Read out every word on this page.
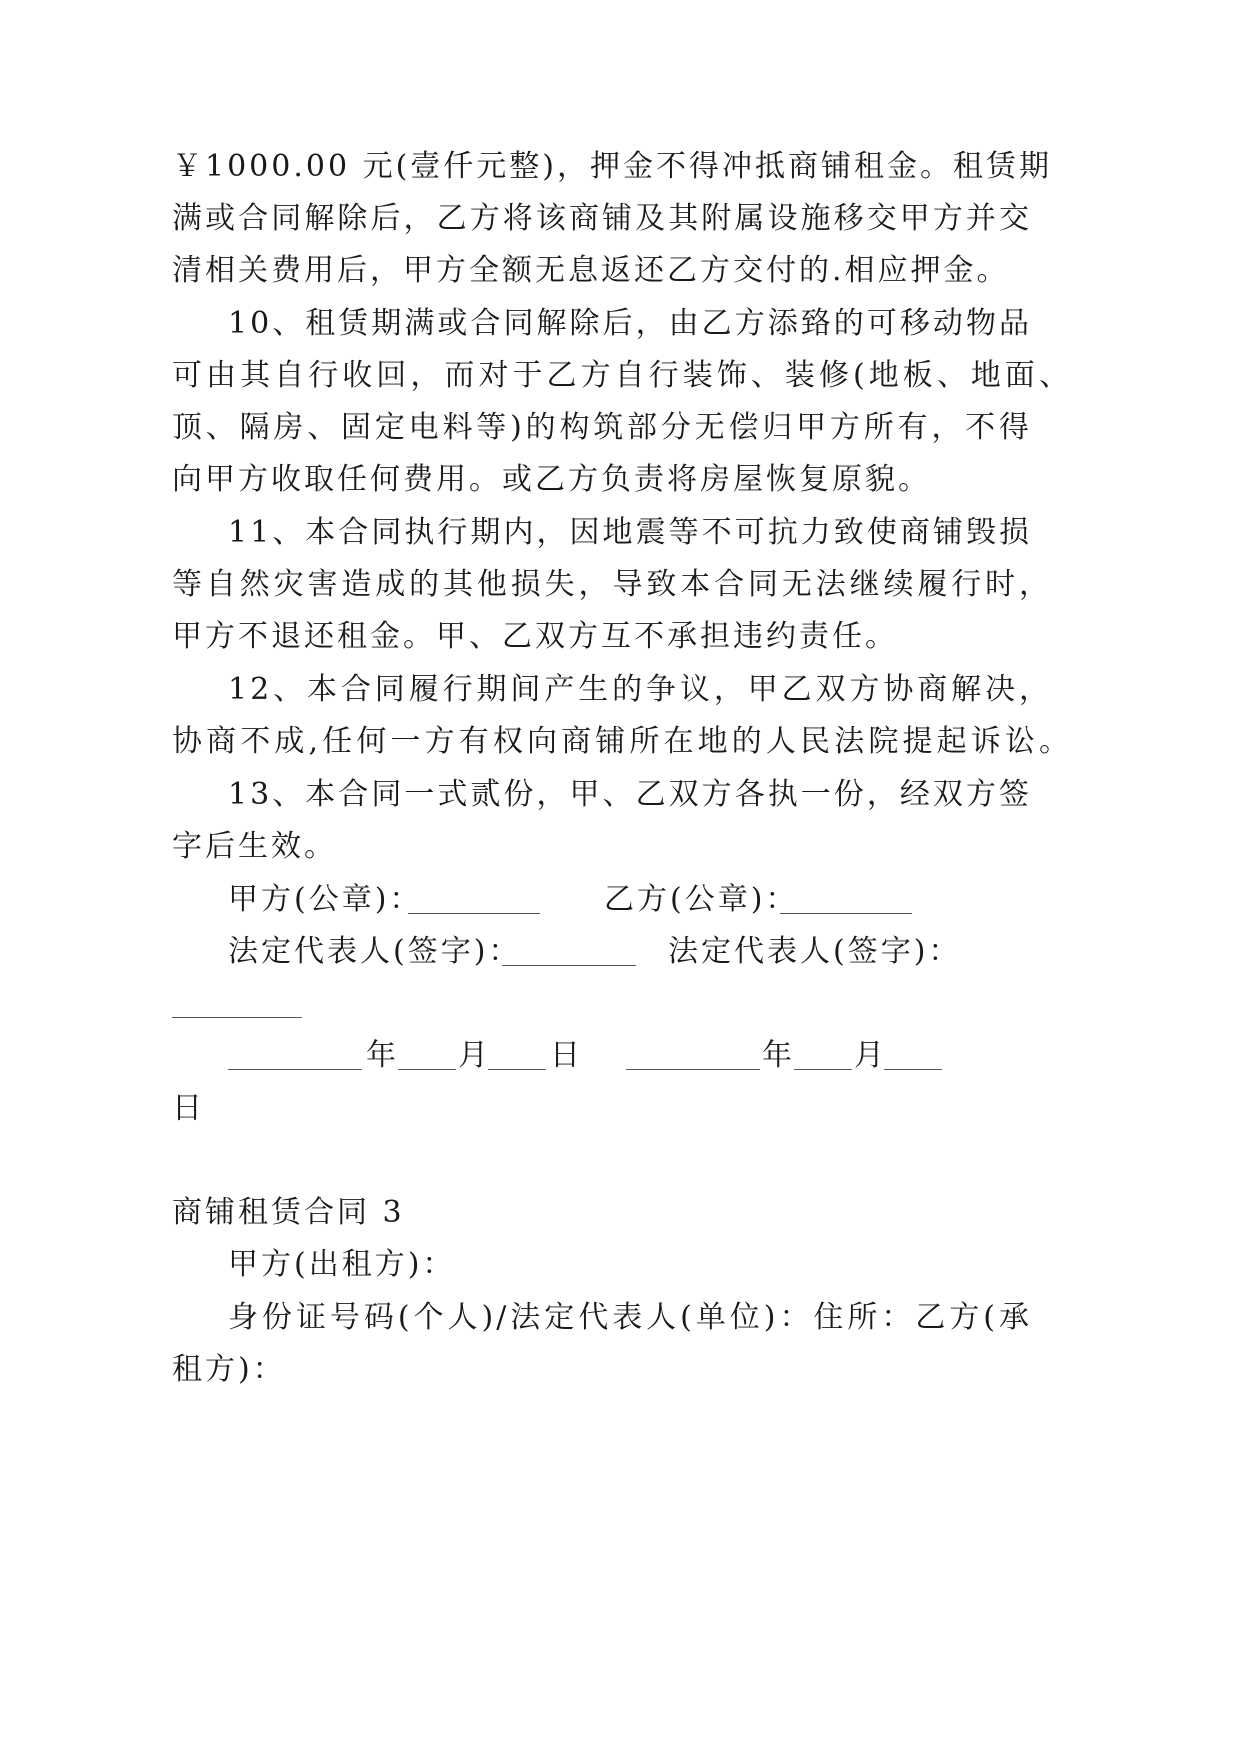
￥1000.00 元(壹仟元整)，押金不得冲抵商铺租金。租赁期
满或合同解除后，乙方将该商铺及其附属设施移交甲方并交
清相关费用后，甲方全额无息返还乙方交付的.相应押金。
10、租赁期满或合同解除后，由乙方添臵的可移动物品
可由其自行收回，而对于乙方自行装饰、装修(地板、地面、
顶、隔房、固定电料等)的构筑部分无偿归甲方所有，不得
向甲方收取任何费用。或乙方负责将房屋恢复原貌。
11、本合同执行期内，因地震等不可抗力致使商铺毁损
等自然灾害造成的其他损失，导致本合同无法继续履行时，
甲方不退还租金。甲、乙双方互不承担违约责任。
12、本合同履行期间产生的争议，甲乙双方协商解决，
协商不成,任何一方有权向商铺所在地的人民法院提起诉讼。
13、本合同一式贰份，甲、乙双方各执一份，经双方签
字后生效。
甲方(公章)：	乙方(公章)：
法定代表人(签字)：	法定代表人(签字)：
年 月 日	年 月
日
商铺租赁合同 3
甲方(出租方)：
身份证号码(个人)/法定代表人(单位)：住所：乙方(承
租方)：
